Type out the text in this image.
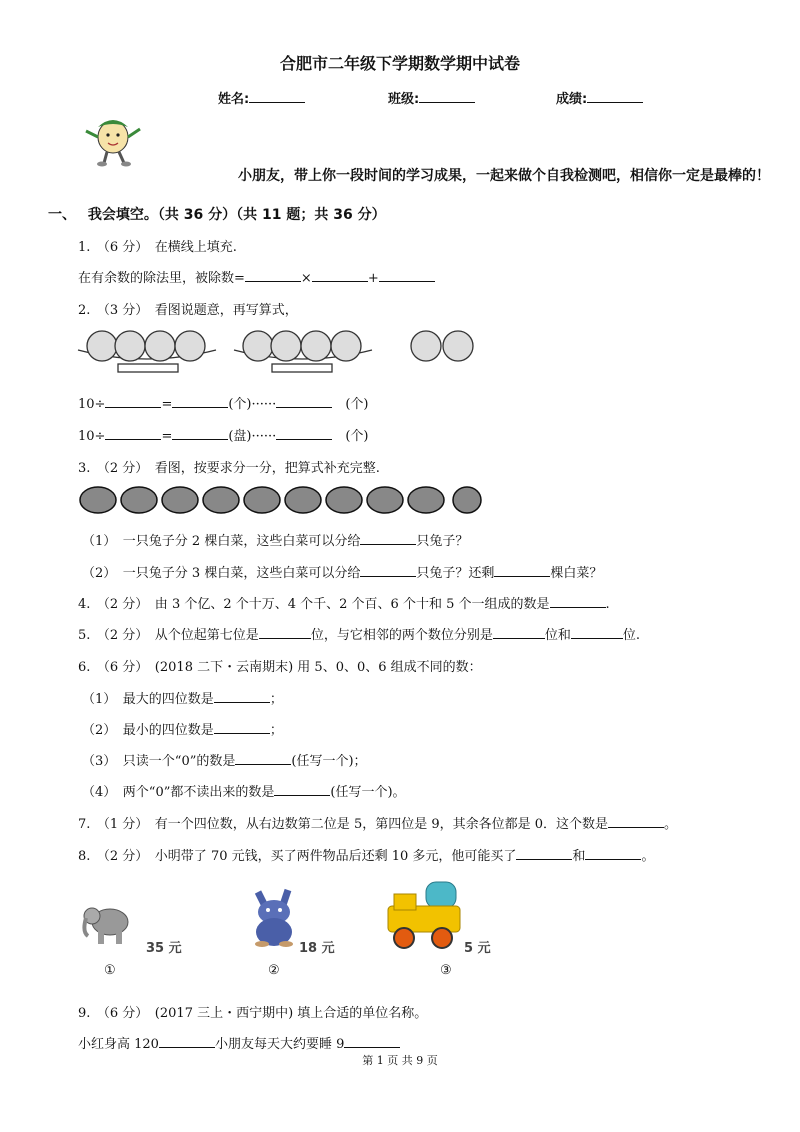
合肥市二年级下学期数学期中试卷
姓名:	班级:	成绩:
小朋友，带上你一段时间的学习成果，一起来做个自我检测吧，相信你一定是最棒的！
一、　 我会填空。（共 36 分）（共 11 题；共 36 分）
1.　（6 分）　在横线上填充.
在有余数的除法里，被除数=	×	+
2.　（3 分）　看图说题意，再写算式，
10÷	=	(个)······　	(个)
10÷	=	(盘)······　	(个)
3.　（2 分）　看图，按要求分一分，把算式补充完整.
（1）　 一只兔子分 2 棵白菜，这些白菜可以分给	只兔子？
（2）　 一只兔子分 3 棵白菜，这些白菜可以分给	只兔子？还剩	棵白菜？
4.　（2 分）　由 3 个亿、2 个十万、4 个千、2 个百、6 个十和 5 个一组成的数是	.
5.　（2 分）　从个位起第七位是	位，与它相邻的两个数位分别是	位和	位.
6.　（6 分）　(2018 二下・云南期末) 用 5、0、0、6 组成不同的数：
（1）　 最大的四位数是	；
（2）　 最小的四位数是	；
（3）　 只读一个“0”的数是	(任写一个)；
（4）　 两个“0”都不读出来的数是	(任写一个)。
7.　（1 分）　有一个四位数，从右边数第二位是 5，第四位是 9，其余各位都是 0．这个数是	。
8.　（2 分）　小明带了 70 元钱，买了两件物品后还剩 10 多元，他可能买了	和	。
35 元
①
18 元
②
5 元
③
9.　（6 分）　(2017 三上・西宁期中) 填上合适的单位名称。
小红身高 120	小朋友每天大约要睡 9
第 1 页 共 9 页
